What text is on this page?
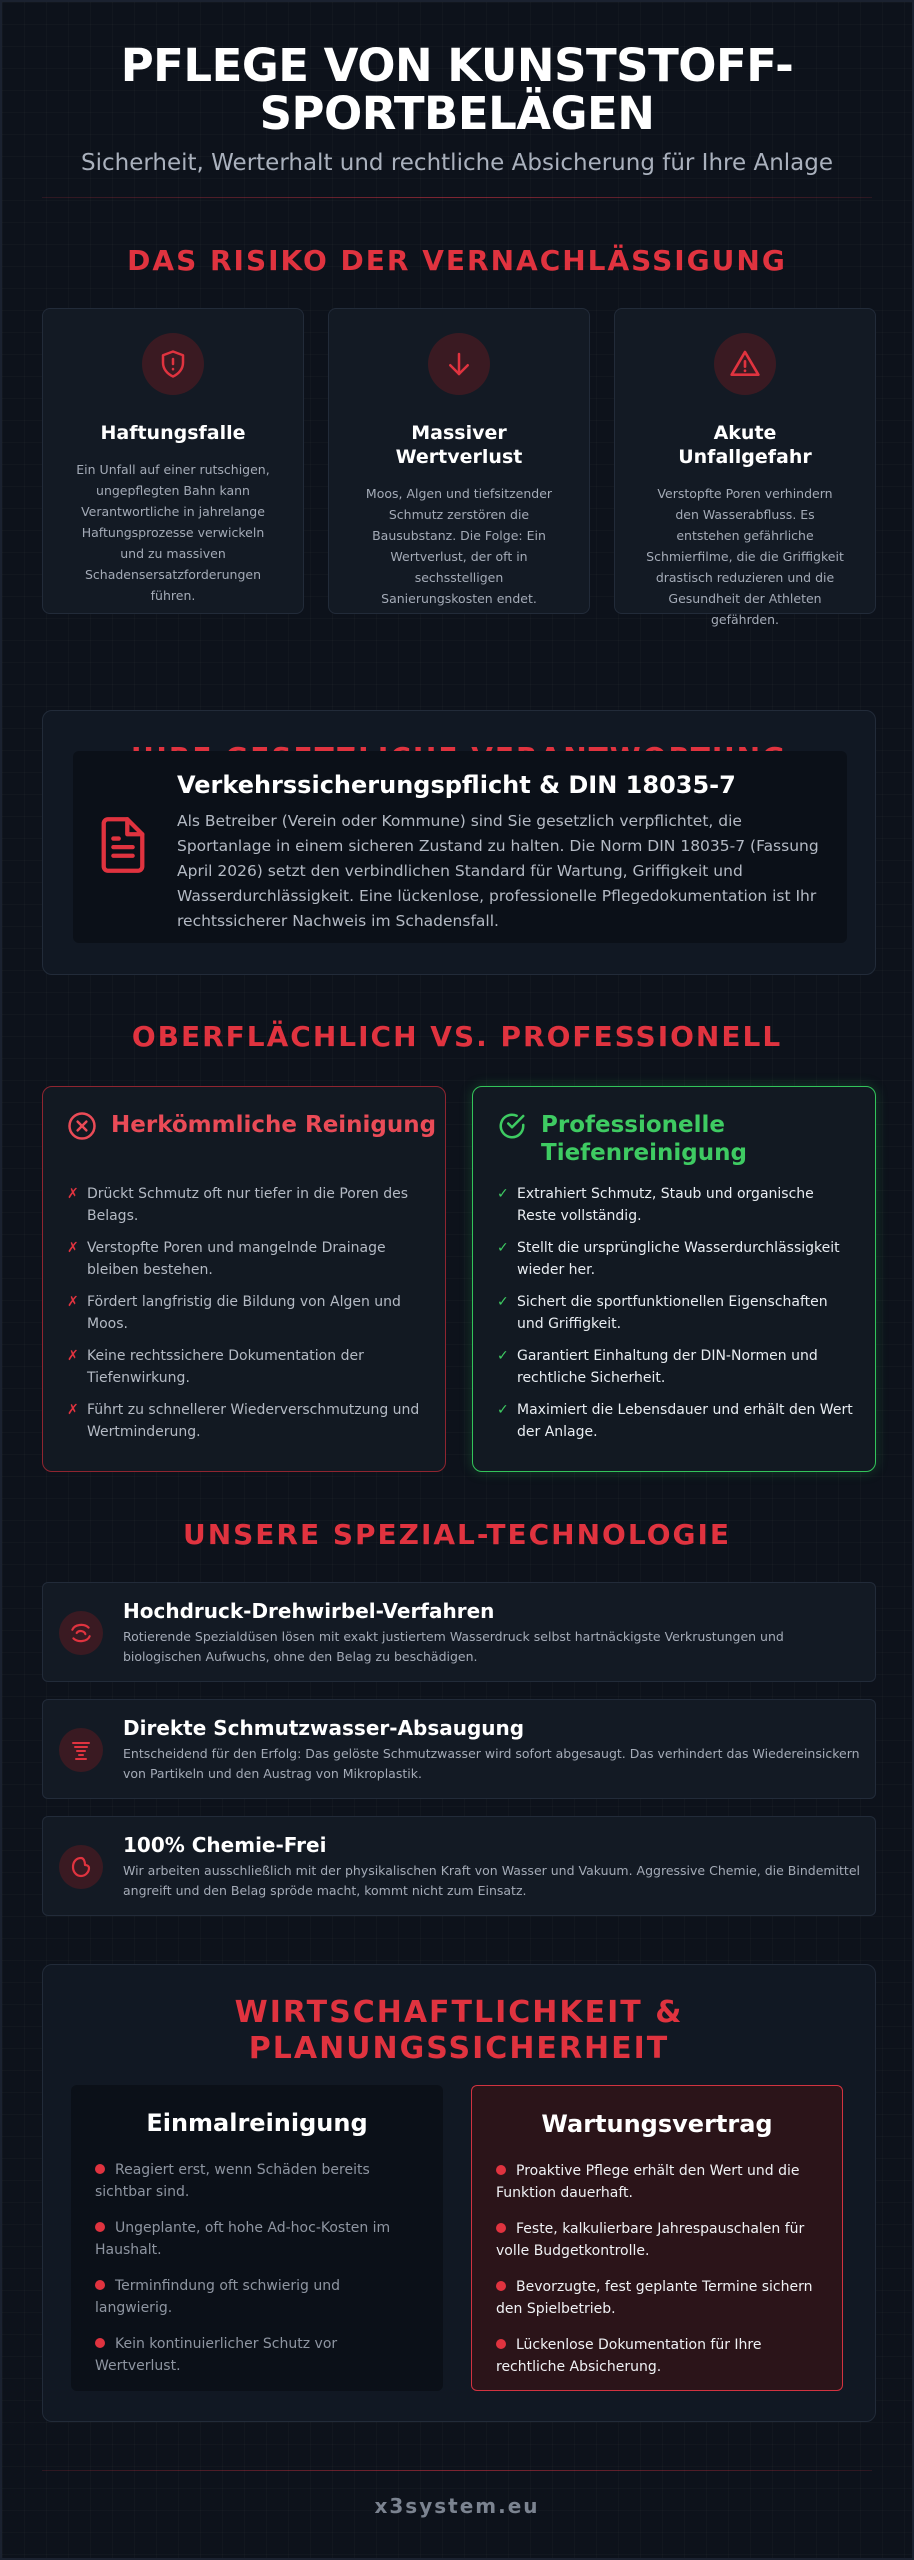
PFLEGE VON KUNSTSTOFF-SPORTBELÄGEN
Sicherheit, Werterhalt und rechtliche Absicherung für Ihre Anlage
DAS RISIKO DER VERNACHLÄSSIGUNG
Haftungsfalle

Ein Unfall auf einer rutschigen, ungepflegten Bahn kann Verantwortliche in jahrelange Haftungsprozesse verwickeln und zu massiven Schadensersatzforderungen führen.

Massiver Wertverlust

Moos, Algen und tiefsitzender Schmutz zerstören die Bausubstanz. Die Folge: Ein Wertverlust, der oft in sechsstelligen Sanierungskosten endet.

Akute Unfallgefahr

Verstopfte Poren verhindern den Wasserabfluss. Es entstehen gefährliche Schmierfilme, die die Griffigkeit drastisch reduzieren und die Gesundheit der Athleten gefährden.

Verkehrssicherungspflicht & DIN 18035-7

Als Betreiber (Verein oder Kommune) sind Sie gesetzlich verpflichtet, die Sportanlage in einem sicheren Zustand zu halten. Die Norm DIN 18035-7 (Fassung April 2026) setzt den verbindlichen Standard für Wartung, Griffigkeit und Wasserdurchlässigkeit. Eine lückenlose, professionelle Pflegedokumentation ist Ihr rechtssicherer Nachweis im Schadensfall.

OBERFLÄCHLICH VS. PROFESSIONELL
Herkömmliche Reinigung
✗ Drückt Schmutz oft nur tiefer in die Poren des Belags.
✗ Verstopfte Poren und mangelnde Drainage bleiben bestehen.
✗ Fördert langfristig die Bildung von Algen und Moos.
✗ Keine rechtssichere Dokumentation der Tiefenwirkung.
✗ Führt zu schnellerer Wiederverschmutzung und Wertminderung.
Professionelle Tiefenreinigung
✓ Extrahiert Schmutz, Staub und organische Reste vollständig.
✓ Stellt die ursprüngliche Wasserdurchlässigkeit wieder her.
✓ Sichert die sportfunktionellen Eigenschaften und Griffigkeit.
✓ Garantiert Einhaltung der DIN-Normen und rechtliche Sicherheit.
✓ Maximiert die Lebensdauer und erhält den Wert der Anlage.
UNSERE SPEZIAL-TECHNOLOGIE
Hochdruck-Drehwirbel-Verfahren

Rotierende Spezialdüsen lösen mit exakt justiertem Wasserdruck selbst hartnäckigste Verkrustungen und biologischen Aufwuchs, ohne den Belag zu beschädigen.

Direkte Schmutzwasser-Absaugung

Entscheidend für den Erfolg: Das gelöste Schmutzwasser wird sofort abgesaugt. Das verhindert das Wiedereinsickern von Partikeln und den Austrag von Mikroplastik.

100% Chemie-Frei

Wir arbeiten ausschließlich mit der physikalischen Kraft von Wasser und Vakuum. Aggressive Chemie, die Bindemittel angreift und den Belag spröde macht, kommt nicht zum Einsatz.

WIRTSCHAFTLICHKEIT & PLANUNGSSICHERHEIT
Einmalreinigung
Reagiert erst, wenn Schäden bereits sichtbar sind.
Ungeplante, oft hohe Ad-hoc-Kosten im Haushalt.
Terminfindung oft schwierig und langwierig.
Kein kontinuierlicher Schutz vor Wertverlust.
Wartungsvertrag
Proaktive Pflege erhält den Wert und die Funktion dauerhaft.
Feste, kalkulierbare Jahrespauschalen für volle Budgetkontrolle.
Bevorzugte, fest geplante Termine sichern den Spielbetrieb.
Lückenlose Dokumentation für Ihre rechtliche Absicherung.
x3system.eu
